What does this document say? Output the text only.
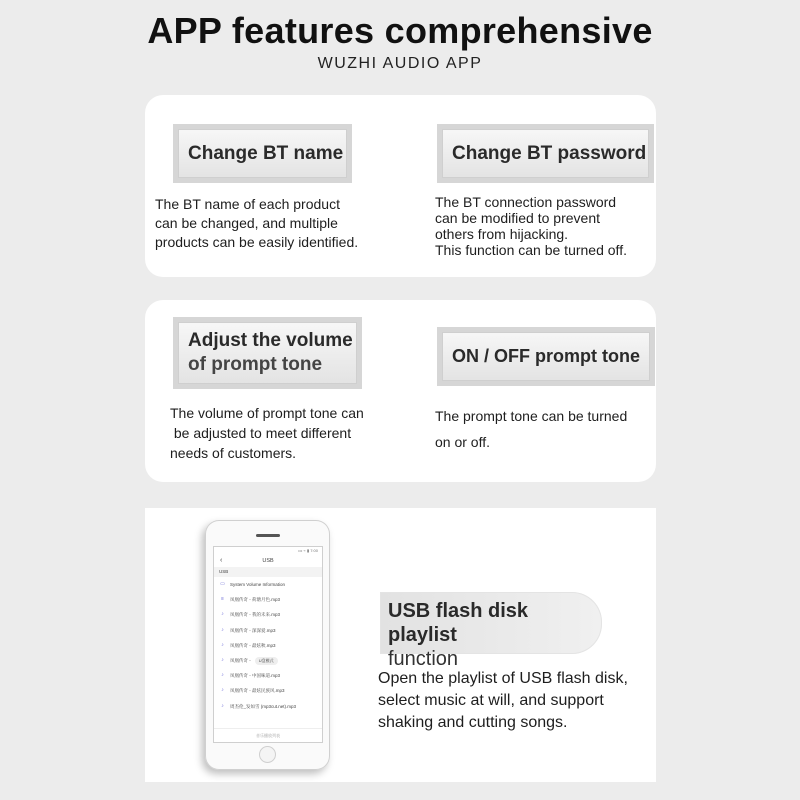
APP features comprehensive
WUZHI AUDIO APP
Change BT name
The BT name of each product
can be changed, and multiple
products can be easily identified.
Change BT password
The BT connection password
can be modified to prevent
others from hijacking.
This function can be turned off.
Adjust the volume
of prompt tone
The volume of prompt tone can
be adjusted to meet different
needs of customers.
ON / OFF prompt tone
The prompt tone can be turned
on or off.
••• ⌁ ▮ 7:00
‹	USB
USB
▭ System Volume Information
≡	凤凰传奇 - 荷塘月色.mp3
♪	凤凰传奇 - 我的未来.mp3
♪	凤凰传奇 - 深深爱.mp3
♪	凤凰传奇 - 最炫秋.mp3
♪	凤凰传奇 -	U盘模式
♪	凤凰传奇 - 中国味道.mp3
♪	凤凰传奇 - 最炫民族风.mp3
♪	周杰伦_发如雪 (mp3cut.net).mp3
音乐播放列表
USB flash disk playlist
function
Open the playlist of USB flash disk,
select music at will, and support
shaking and cutting songs.
